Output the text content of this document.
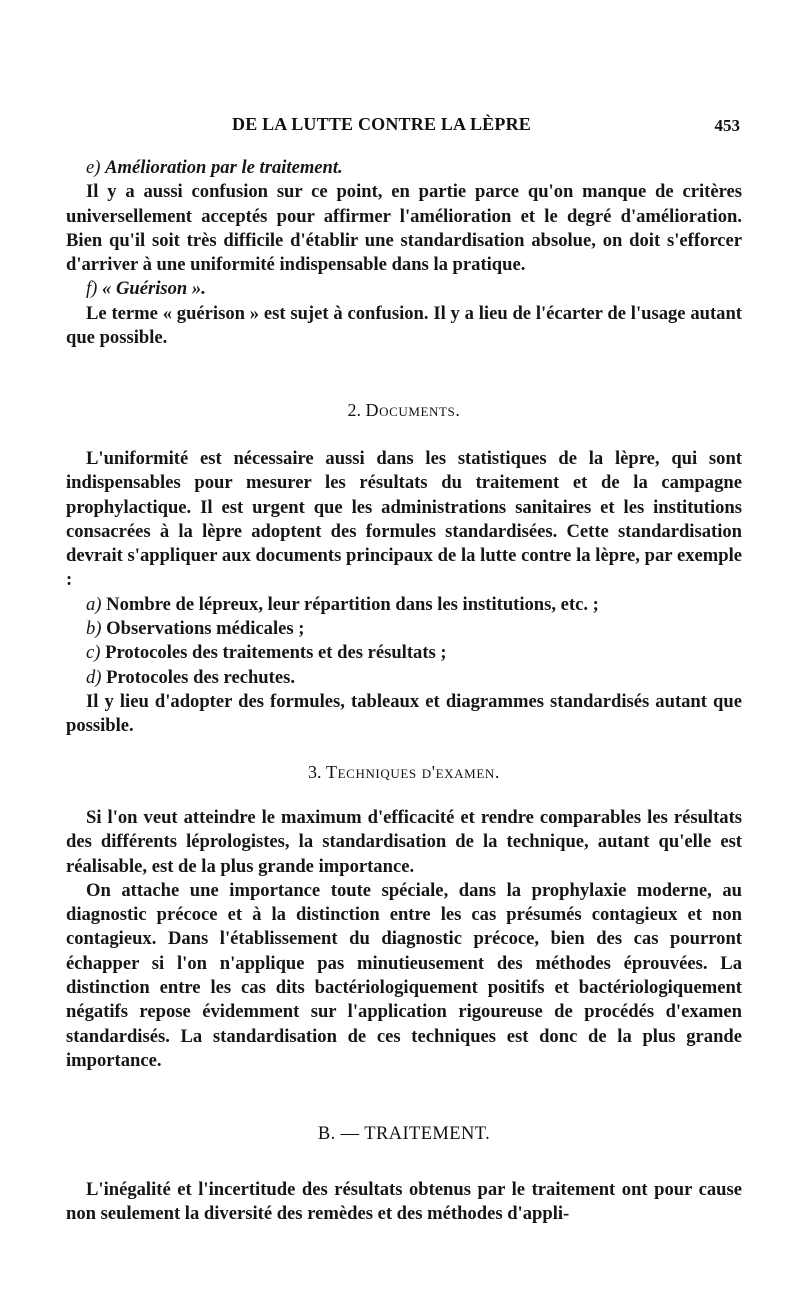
DE LA LUTTE CONTRE LA LÈPRE	453

e) Amélioration par le traitement.

Il y a aussi confusion sur ce point, en partie parce qu'on manque de critères universellement acceptés pour affirmer l'amélioration et le degré d'amélioration. Bien qu'il soit très difficile d'établir une standardisation absolue, on doit s'efforcer d'arriver à une uniformité indispensable dans la pratique.

f) « Guérison ».

Le terme « guérison » est sujet à confusion. Il y a lieu de l'écarter de l'usage autant que possible.

2. Documents.

L'uniformité est nécessaire aussi dans les statistiques de la lèpre, qui sont indispensables pour mesurer les résultats du traitement et de la campagne prophylactique. Il est urgent que les administrations sanitaires et les institutions consacrées à la lèpre adoptent des formules standardisées. Cette standardisation devrait s'appliquer aux documents principaux de la lutte contre la lèpre, par exemple :

a) Nombre de lépreux, leur répartition dans les institutions, etc. ;

b) Observations médicales ;

c) Protocoles des traitements et des résultats ;

d) Protocoles des rechutes.

Il y lieu d'adopter des formules, tableaux et diagrammes standardisés autant que possible.

3. Techniques d'examen.

Si l'on veut atteindre le maximum d'efficacité et rendre comparables les résultats des différents léprologistes, la standardisation de la technique, autant qu'elle est réalisable, est de la plus grande importance.

On attache une importance toute spéciale, dans la prophylaxie moderne, au diagnostic précoce et à la distinction entre les cas présumés contagieux et non contagieux. Dans l'établissement du diagnostic précoce, bien des cas pourront échapper si l'on n'applique pas minutieusement des méthodes éprouvées. La distinction entre les cas dits bactériologiquement positifs et bactériologiquement négatifs repose évidemment sur l'application rigoureuse de procédés d'examen standardisés. La standardisation de ces techniques est donc de la plus grande importance.

B. — TRAITEMENT.

L'inégalité et l'incertitude des résultats obtenus par le traitement ont pour cause non seulement la diversité des remèdes et des méthodes d'appli-
